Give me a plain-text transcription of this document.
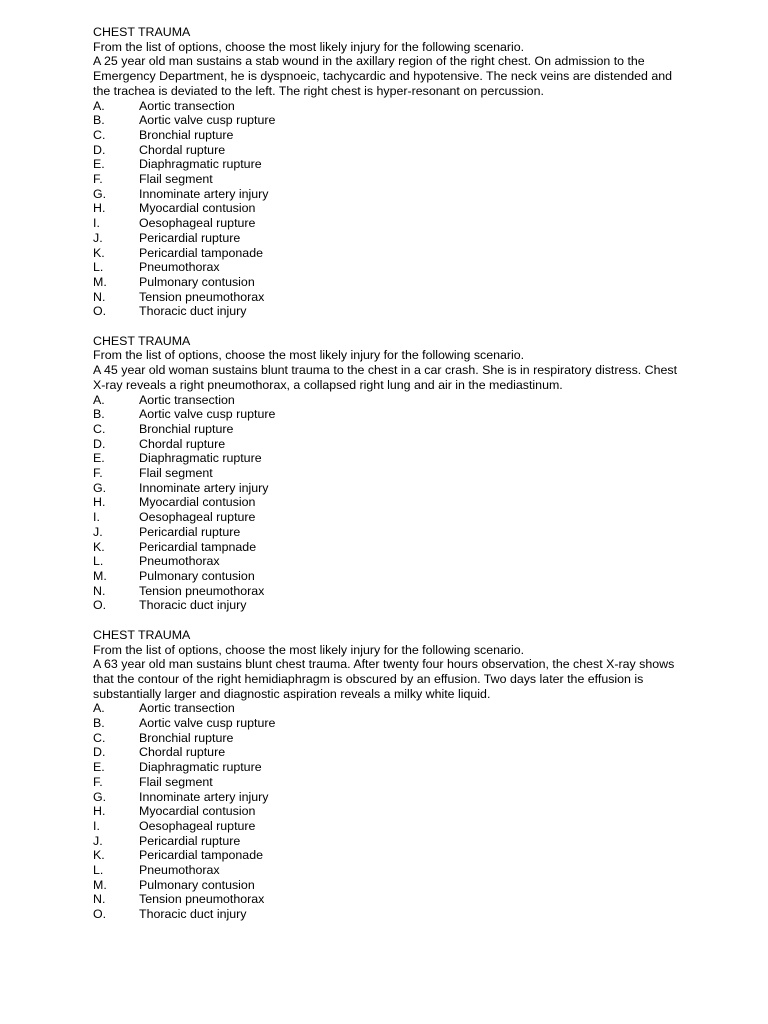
CHEST TRAUMA
From the list of options, choose the most likely injury for the following scenario.
A 25 year old man sustains a stab wound in the axillary region of the right chest. On admission to the Emergency Department, he is dyspnoeic, tachycardic and hypotensive. The neck veins are distended and the trachea is deviated to the left. The right chest is hyper-resonant on percussion.
A.	Aortic transection
B.	Aortic valve cusp rupture
C.	Bronchial rupture
D.	Chordal rupture
E.	Diaphragmatic rupture
F.	Flail segment
G.	Innominate artery injury
H.	Myocardial contusion
I.	Oesophageal rupture
J.	Pericardial rupture
K.	Pericardial tamponade
L.	Pneumothorax
M.	Pulmonary contusion
N.	Tension pneumothorax
O.	Thoracic duct injury
CHEST TRAUMA
From the list of options, choose the most likely injury for the following scenario.
A 45 year old woman sustains blunt trauma to the chest in a car crash. She is in respiratory distress. Chest X-ray reveals a right pneumothorax, a collapsed right lung and air in the mediastinum.
A.	Aortic transection
B.	Aortic valve cusp rupture
C.	Bronchial rupture
D.	Chordal rupture
E.	Diaphragmatic rupture
F.	Flail segment
G.	Innominate artery injury
H.	Myocardial contusion
I.	Oesophageal rupture
J.	Pericardial rupture
K.	Pericardial tampnade
L.	Pneumothorax
M.	Pulmonary contusion
N.	Tension pneumothorax
O.	Thoracic duct injury
CHEST TRAUMA
From the list of options, choose the most likely injury for the following scenario.
A 63 year old man sustains blunt chest trauma. After twenty four hours observation, the chest X-ray shows that the contour of the right hemidiaphragm is obscured by an effusion. Two days later the effusion is substantially larger and diagnostic aspiration reveals a milky white liquid.
A.	Aortic transection
B.	Aortic valve cusp rupture
C.	Bronchial rupture
D.	Chordal rupture
E.	Diaphragmatic rupture
F.	Flail segment
G.	Innominate artery injury
H.	Myocardial contusion
I.	Oesophageal rupture
J.	Pericardial rupture
K.	Pericardial tamponade
L.	Pneumothorax
M.	Pulmonary contusion
N.	Tension pneumothorax
O.	Thoracic duct injury
